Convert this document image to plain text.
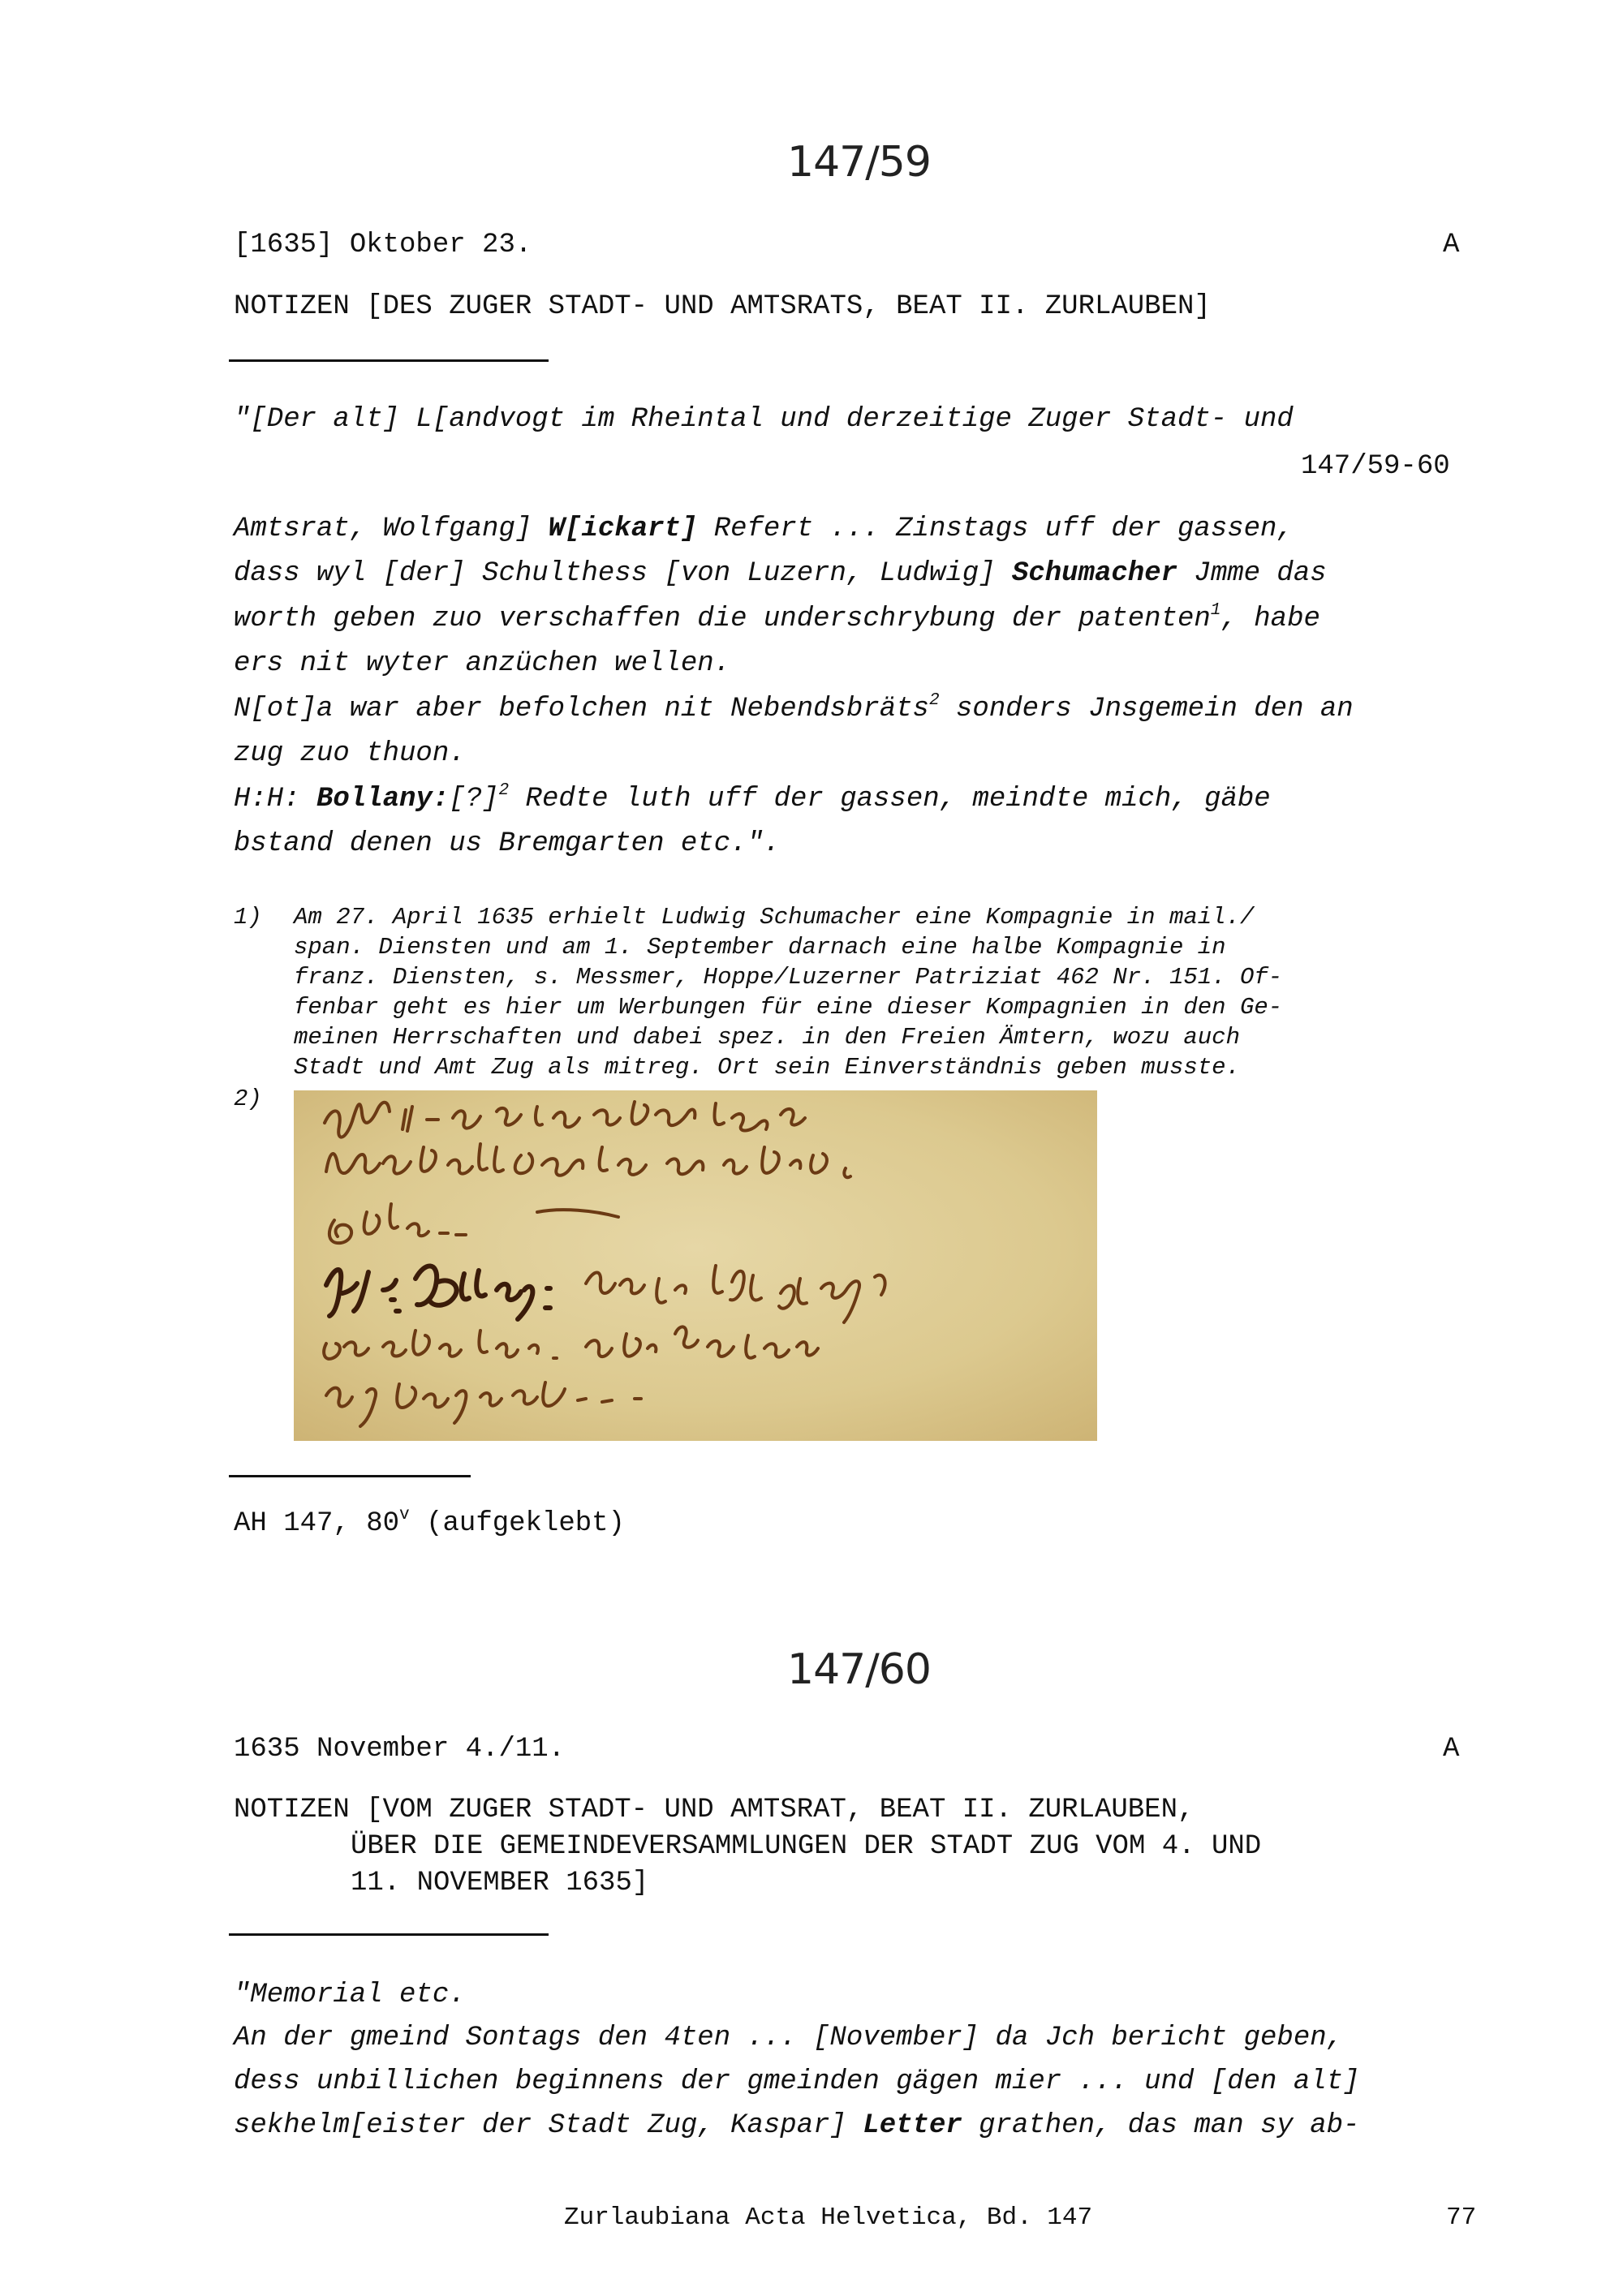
147/59
[1635] Oktober 23.	A
NOTIZEN [DES ZUGER STADT- UND AMTSRATS, BEAT II. ZURLAUBEN]
"[Der alt] L[andvogt im Rheintal und derzeitige Zuger Stadt- und
147/59-60
Amtsrat, Wolfgang] W[ickart] Refert ... Zinstags uff der gassen,
dass wyl [der] Schulthess [von Luzern, Ludwig] Schumacher Jmme das
worth geben zuo verschaffen die underschrybung der patenten$^1$, habe
ers nit wyter anzüchen wellen.
N[ot]a war aber befolchen nit Nebendsbräts$^2$ sonders Jnsgemein den an
zug zuo thuon.
H:H: Bollany:[?]$^2$ Redte luth uff der gassen, meindte mich, gäbe
bstand denen us Bremgarten etc.".
1) Am 27. April 1635 erhielt Ludwig Schumacher eine Kompagnie in mail./
span. Diensten und am 1. September darnach eine halbe Kompagnie in
franz. Diensten, s. Messmer, Hoppe/Luzerner Patriziat 462 Nr. 151. Of-
fenbar geht es hier um Werbungen für eine dieser Kompagnien in den Ge-
meinen Herrschaften und dabei spez. in den Freien Ämtern, wozu auch
Stadt und Amt Zug als mitreg. Ort sein Einverständnis geben musste.
2)
AH 147, 80$^v$ (aufgeklebt)
147/60
1635 November 4./11.	A
NOTIZEN [VOM ZUGER STADT- UND AMTSRAT, BEAT II. ZURLAUBEN,
ÜBER DIE GEMEINDEVERSAMMLUNGEN DER STADT ZUG VOM 4. UND
11. NOVEMBER 1635]
"Memorial etc.
An der gmeind Sontags den 4ten ... [November] da Jch bericht geben,
dess unbillichen beginnens der gmeinden gägen mier ... und [den alt]
sekhelm[eister der Stadt Zug, Kaspar] Letter grathen, das man sy ab-
Zurlaubiana Acta Helvetica, Bd. 147	77
